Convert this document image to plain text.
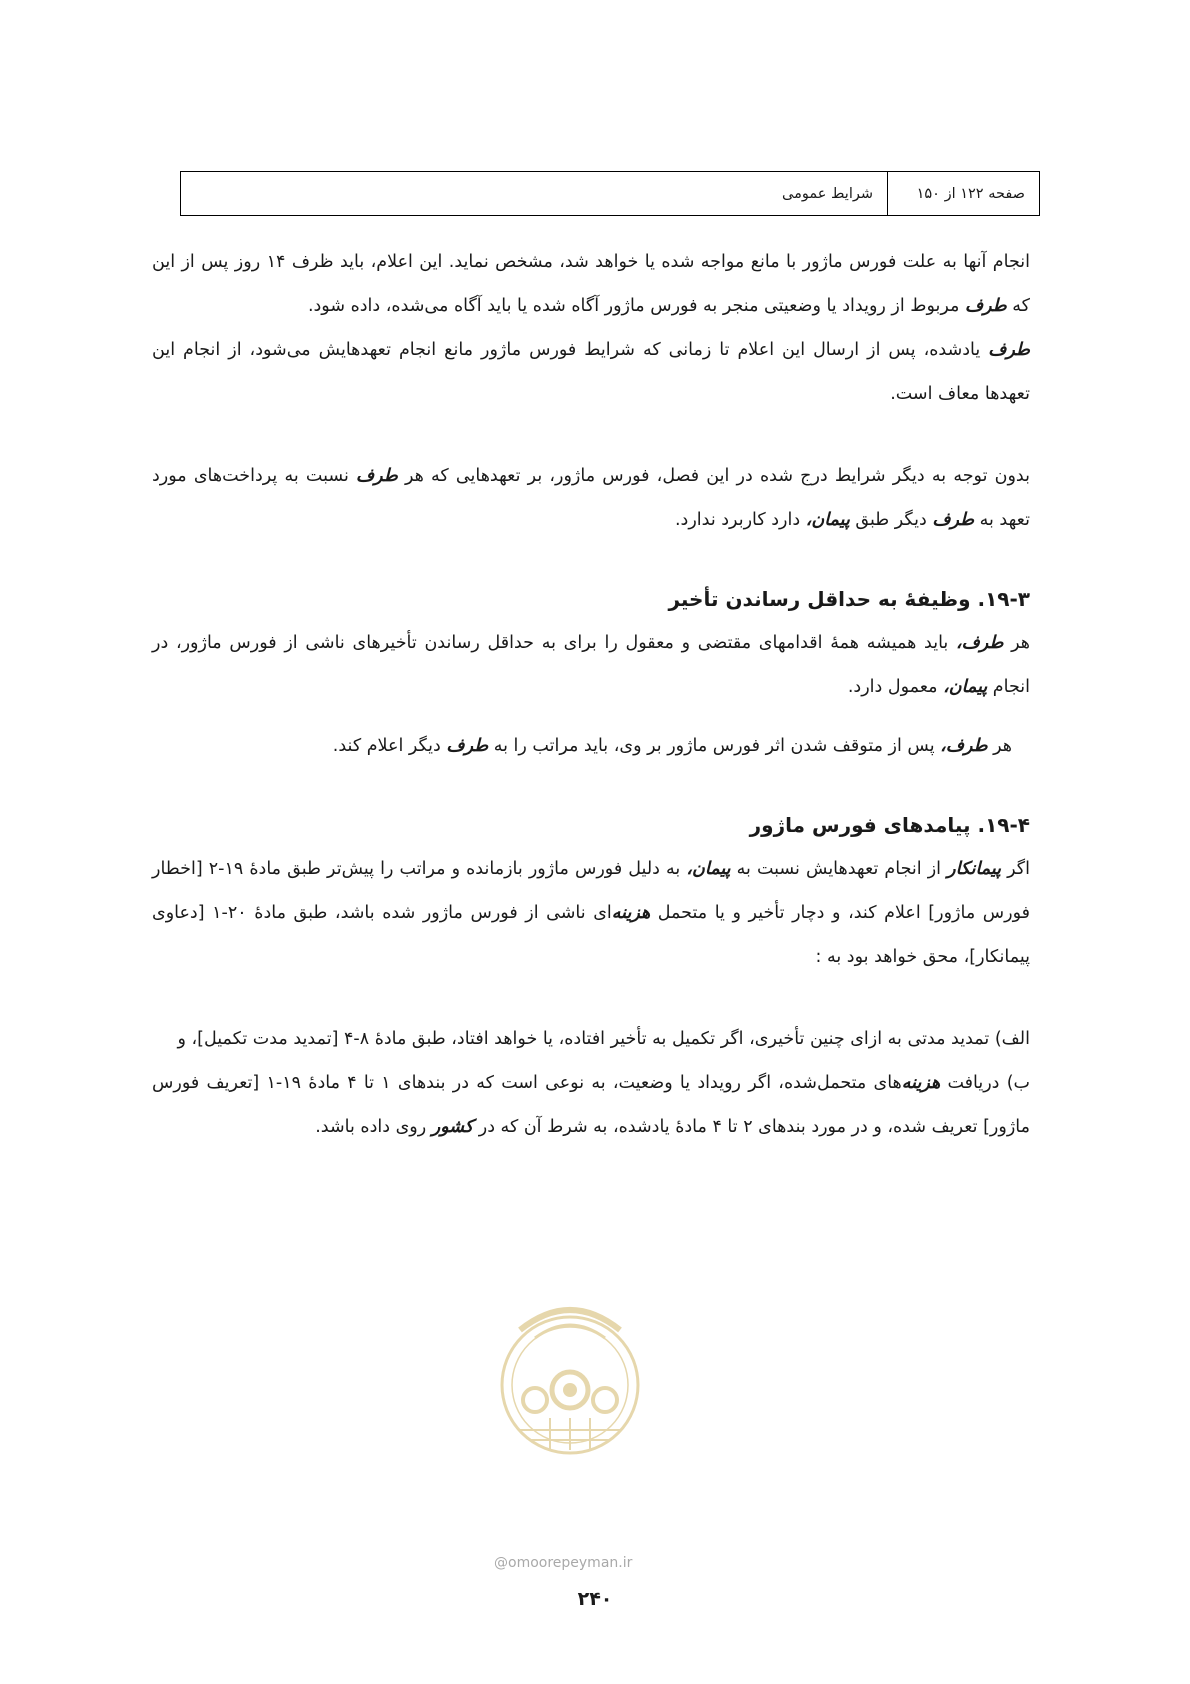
صفحه ۱۲۲ از ۱۵۰
شرایط عمومی

انجام آنها به علت فورس ماژور با مانع مواجه شده یا خواهد شد، مشخص نماید. این اعلام، باید ظرف ۱۴ روز پس از این که طرف مربوط از رویداد یا وضعیتی منجر به فورس ماژور آگاه شده یا باید آگاه می‌شده، داده شود.

طرف یادشده، پس از ارسال این اعلام تا زمانی که شرایط فورس ماژور مانع انجام تعهدهایش می‌شود، از انجام این تعهدها معاف است.

بدون توجه به دیگر شرایط درج شده در این فصل، فورس ماژور، بر تعهدهایی که هر طرف نسبت به پرداخت‌های مورد تعهد به طرف دیگر طبق پیمان، دارد کاربرد ندارد.

۱۹-۳. وظیفهٔ به حداقل رساندن تأخیر

هر طرف، باید همیشه همهٔ اقدامهای مقتضی و معقول را برای به حداقل رساندن تأخیرهای ناشی از فورس ماژور، در انجام پیمان، معمول دارد.

هر طرف، پس از متوقف شدن اثر فورس ماژور بر وی، باید مراتب را به طرف دیگر اعلام کند.

۱۹-۴. پیامدهای فورس ماژور

اگر پیمانکار از انجام تعهدهایش نسبت به پیمان، به دلیل فورس ماژور بازمانده و مراتب را پیش‌تر طبق مادهٔ ۱۹-۲ [اخطار فورس ماژور] اعلام کند، و دچار تأخیر و یا متحمل هزینه‌ای ناشی از فورس ماژور شده باشد، طبق مادهٔ ۲۰-۱ [دعاوی پیمانکار]، محق خواهد بود به :

الف) تمدید مدتی به ازای چنین تأخیری، اگر تکمیل به تأخیر افتاده، یا خواهد افتاد، طبق مادهٔ ۸-۴ [تمدید مدت تکمیل]، و

ب) دریافت هزینه‌های متحمل‌شده، اگر رویداد یا وضعیت، به نوعی است که در بندهای ۱ تا ۴ مادهٔ ۱۹-۱ [تعریف فورس ماژور] تعریف شده، و در مورد بندهای ۲ تا ۴ مادهٔ یادشده، به شرط آن که در کشور روی داده باشد.

@omoorepeyman.ir
۲۴۰
